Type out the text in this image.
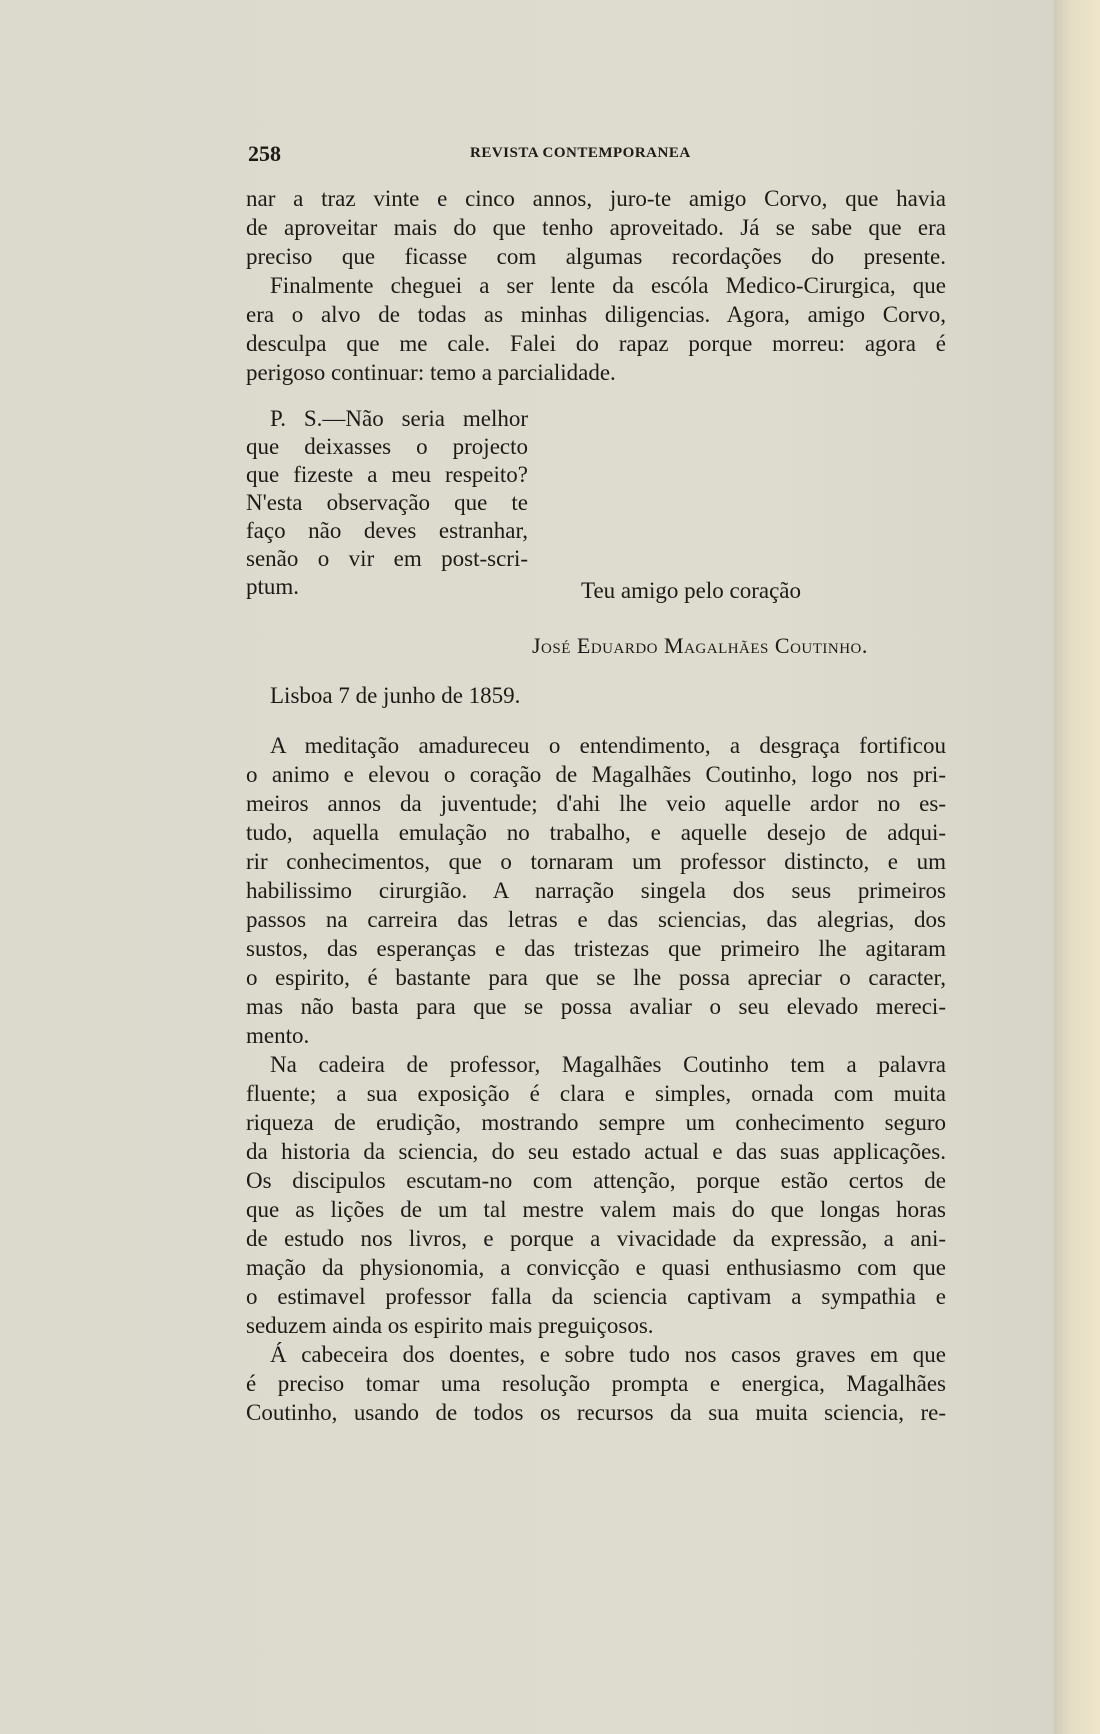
258	REVISTA CONTEMPORANEA
nar a traz vinte e cinco annos, juro-te amigo Corvo, que havia
de aproveitar mais do que tenho aproveitado. Já se sabe que era
preciso que ficasse com algumas recordações do presente.
Finalmente cheguei a ser lente da escóla Medico-Cirurgica, que
era o alvo de todas as minhas diligencias. Agora, amigo Corvo,
desculpa que me cale. Falei do rapaz porque morreu: agora é
perigoso continuar: temo a parcialidade.
P. S.—Não seria melhor
que deixasses o projecto
que fizeste a meu respeito?
N'esta observação que te
faço não deves estranhar,
senão o vir em post-scri-
ptum.	Teu amigo pelo coração
José Eduardo Magalhães Coutinho.
Lisboa 7 de junho de 1859.
A meditação amadureceu o entendimento, a desgraça fortificou
o animo e elevou o coração de Magalhães Coutinho, logo nos pri-
meiros annos da juventude; d'ahi lhe veio aquelle ardor no es-
tudo, aquella emulação no trabalho, e aquelle desejo de adqui-
rir conhecimentos, que o tornaram um professor distincto, e um
habilissimo cirurgião. A narração singela dos seus primeiros
passos na carreira das letras e das sciencias, das alegrias, dos
sustos, das esperanças e das tristezas que primeiro lhe agitaram
o espirito, é bastante para que se lhe possa apreciar o caracter,
mas não basta para que se possa avaliar o seu elevado mereci-
mento.
Na cadeira de professor, Magalhães Coutinho tem a palavra
fluente; a sua exposição é clara e simples, ornada com muita
riqueza de erudição, mostrando sempre um conhecimento seguro
da historia da sciencia, do seu estado actual e das suas applicações.
Os discipulos escutam-no com attenção, porque estão certos de
que as lições de um tal mestre valem mais do que longas horas
de estudo nos livros, e porque a vivacidade da expressão, a ani-
mação da physionomia, a convicção e quasi enthusiasmo com que
o estimavel professor falla da sciencia captivam a sympathia e
seduzem ainda os espirito mais preguiçosos.
Á cabeceira dos doentes, e sobre tudo nos casos graves em que
é preciso tomar uma resolução prompta e energica, Magalhães
Coutinho, usando de todos os recursos da sua muita sciencia, re-
